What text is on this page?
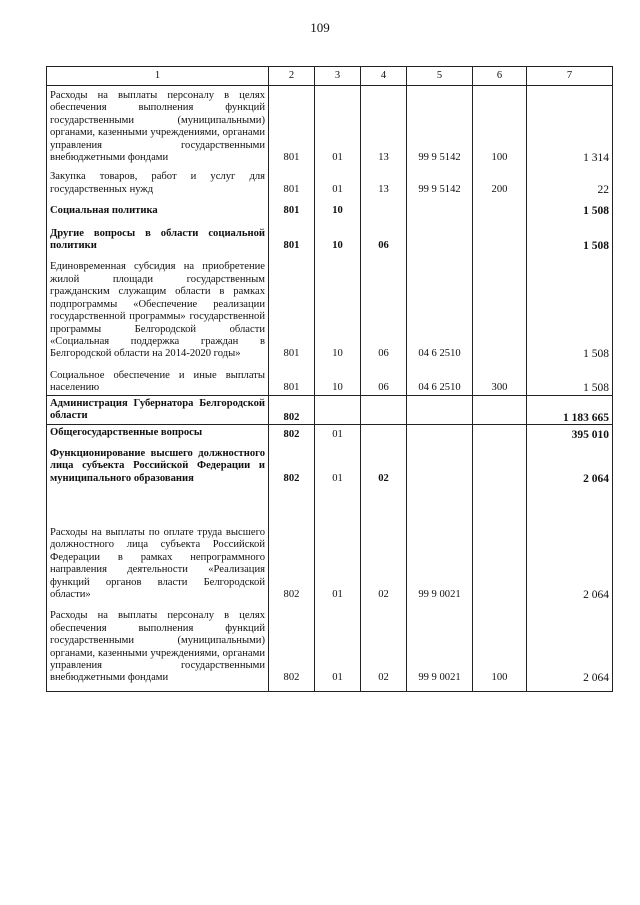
109
1	2	3	4	5	6	7
Расходы на выплаты персоналу в целях обеспечения выполнения функций государственными (муниципальными) органами, казенными учреждениями, органами управления государственными внебюджетными фондами	801	01	13	99 9 5142	100	1 314
Закупка товаров, работ и услуг для государственных нужд	801	01	13	99 9 5142	200	22
Социальная политика	801	10				1 508
Другие вопросы в области социальной политики	801	10	06			1 508
Единовременная субсидия на приобретение жилой площади государственным гражданским служащим области в рамках подпрограммы «Обеспечение реализации государственной программы» государственной программы Белгородской области «Социальная поддержка граждан в Белгородской области на 2014-2020 годы»	801	10	06	04 6 2510		1 508
Социальное обеспечение и иные выплаты населению	801	10	06	04 6 2510	300	1 508
Администрация Губернатора Белгородской области	802					1 183 665
Общегосударственные вопросы	802	01				395 010
Функционирование высшего должностного лица субъекта Российской Федерации и муниципального образования	802	01	02			2 064
Расходы на выплаты по оплате труда высшего должностного лица субъекта Российской Федерации в рамках непрограммного направления деятельности «Реализация функций органов власти Белгородской области»	802	01	02	99 9 0021		2 064
Расходы на выплаты персоналу в целях обеспечения выполнения функций государственными (муниципальными) органами, казенными учреждениями, органами управления государственными внебюджетными фондами	802	01	02	99 9 0021	100	2 064
